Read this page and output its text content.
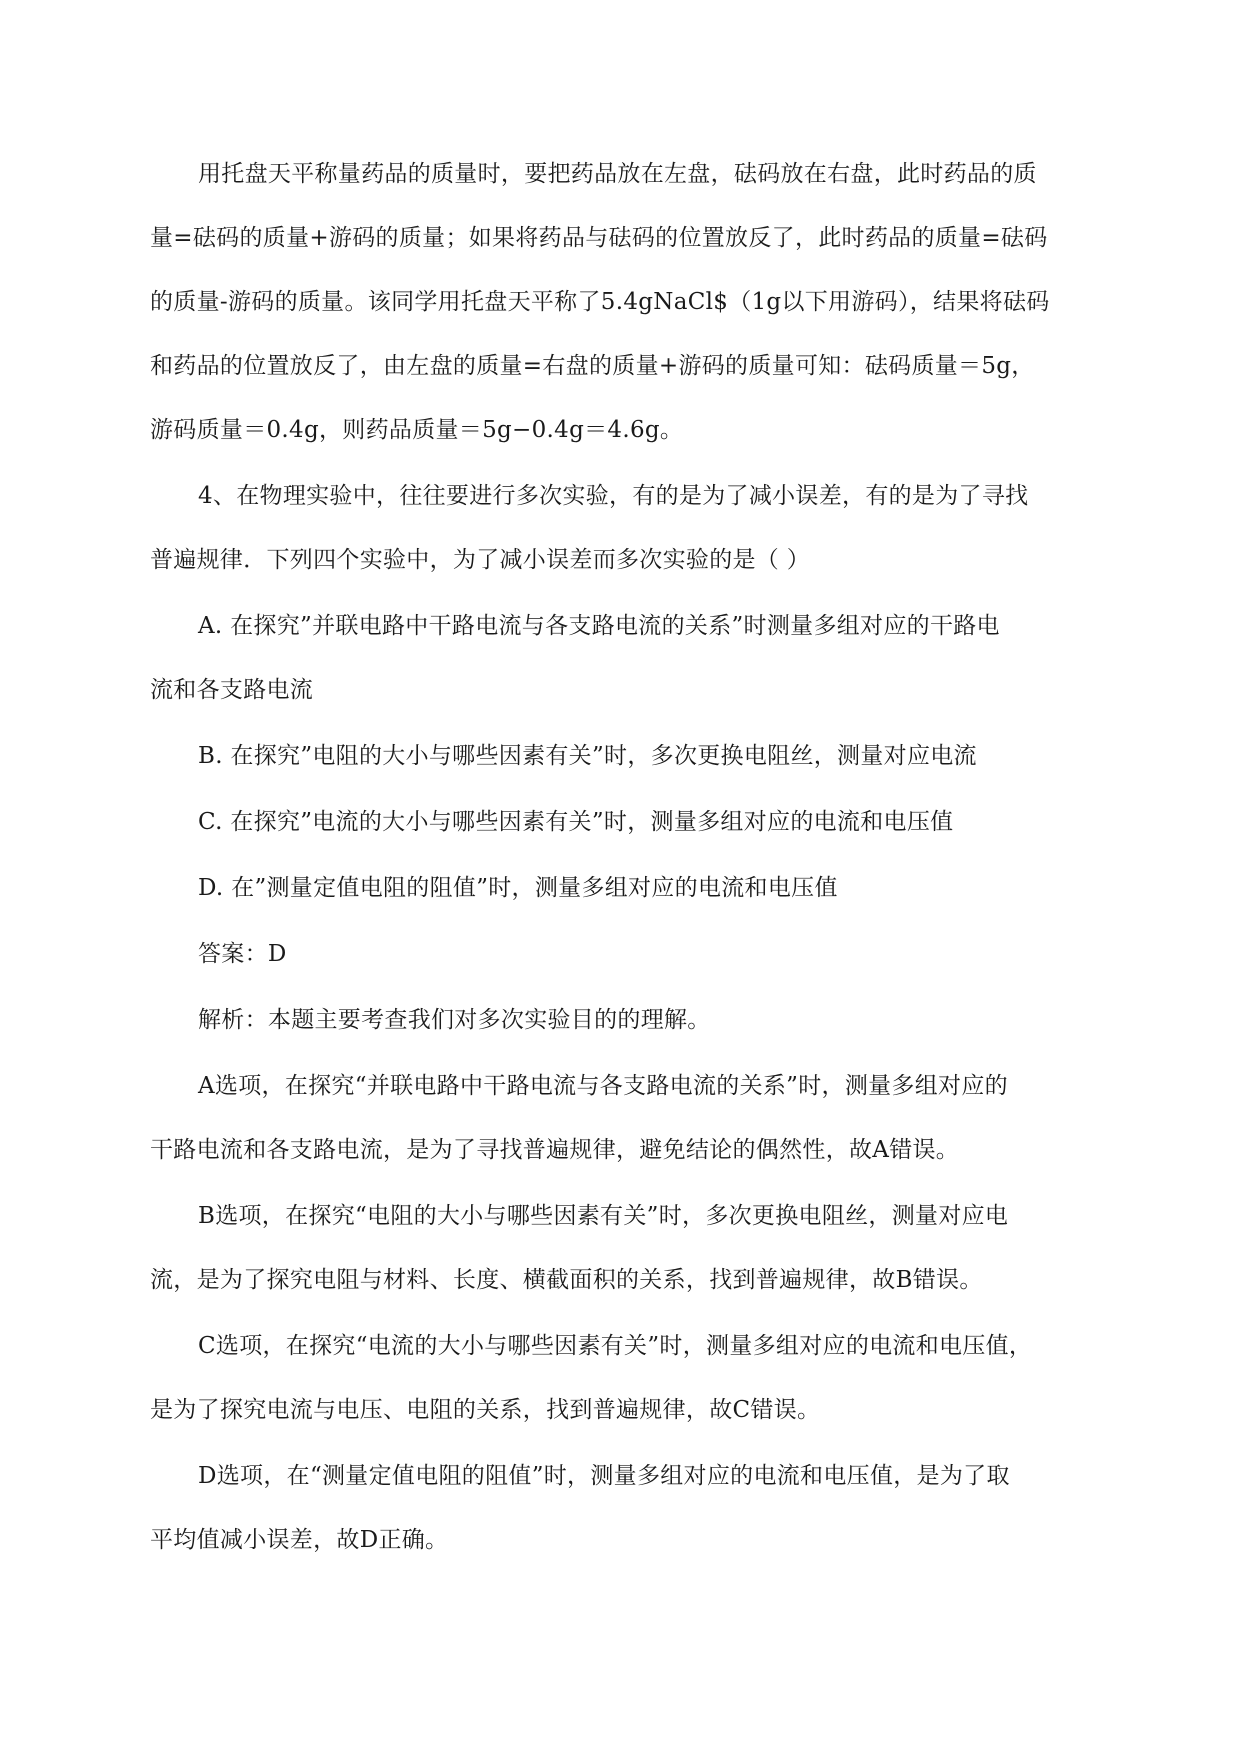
用托盘天平称量药品的质量时，要把药品放在左盘，砝码放在右盘，此时药品的质
量=砝码的质量+游码的质量；如果将药品与砝码的位置放反了，此时药品的质量=砝码
的质量-游码的质量。该同学用托盘天平称了5.4gNaCl$（1g以下用游码），结果将砝码
和药品的位置放反了，由左盘的质量=右盘的质量+游码的质量可知：砝码质量＝5g，
游码质量＝0.4g，则药品质量＝5g−0.4g＝4.6g。
4、在物理实验中，往往要进行多次实验，有的是为了减小误差，有的是为了寻找
普遍规律．下列四个实验中，为了减小误差而多次实验的是（ ）
A. 在探究”并联电路中干路电流与各支路电流的关系”时测量多组对应的干路电
流和各支路电流
B. 在探究”电阻的大小与哪些因素有关”时，多次更换电阻丝，测量对应电流
C. 在探究”电流的大小与哪些因素有关”时，测量多组对应的电流和电压值
D. 在”测量定值电阻的阻值”时，测量多组对应的电流和电压值
答案：D
解析：本题主要考查我们对多次实验目的的理解。
A选项，在探究“并联电路中干路电流与各支路电流的关系”时，测量多组对应的
干路电流和各支路电流，是为了寻找普遍规律，避免结论的偶然性，故A错误。
B选项，在探究“电阻的大小与哪些因素有关”时，多次更换电阻丝，测量对应电
流，是为了探究电阻与材料、长度、横截面积的关系，找到普遍规律，故B错误。
C选项，在探究“电流的大小与哪些因素有关”时，测量多组对应的电流和电压值，
是为了探究电流与电压、电阻的关系，找到普遍规律，故C错误。
D选项，在“测量定值电阻的阻值”时，测量多组对应的电流和电压值，是为了取
平均值减小误差，故D正确。
